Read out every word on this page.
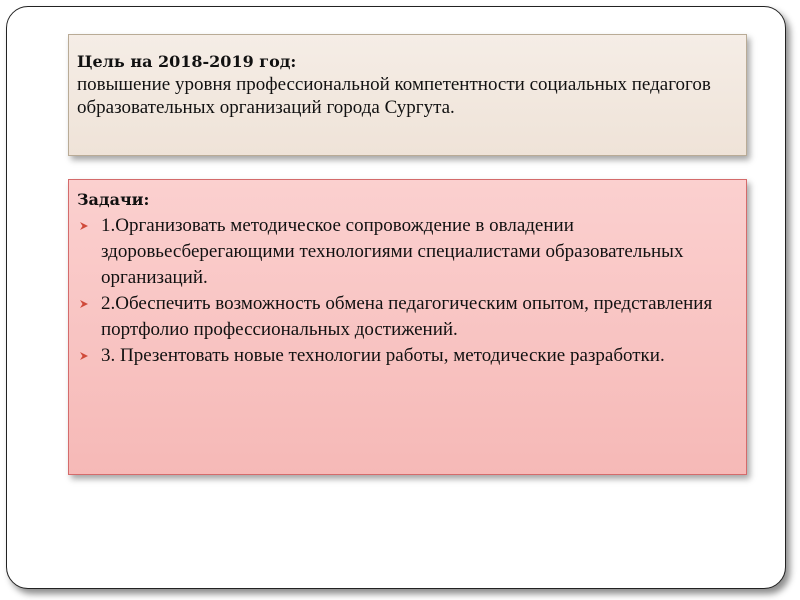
Цель на 2018-2019 год:

повышение уровня профессиональной компетентности социальных педагогов образовательных организаций города Сургута.

Задачи:

1.Организовать методическое сопровождение в овладении здоровьесберегающими технологиями специалистами образовательных организаций.
2.Обеспечить возможность обмена педагогическим опытом, представления портфолио профессиональных достижений.
3. Презентовать новые технологии работы, методические разработки.
